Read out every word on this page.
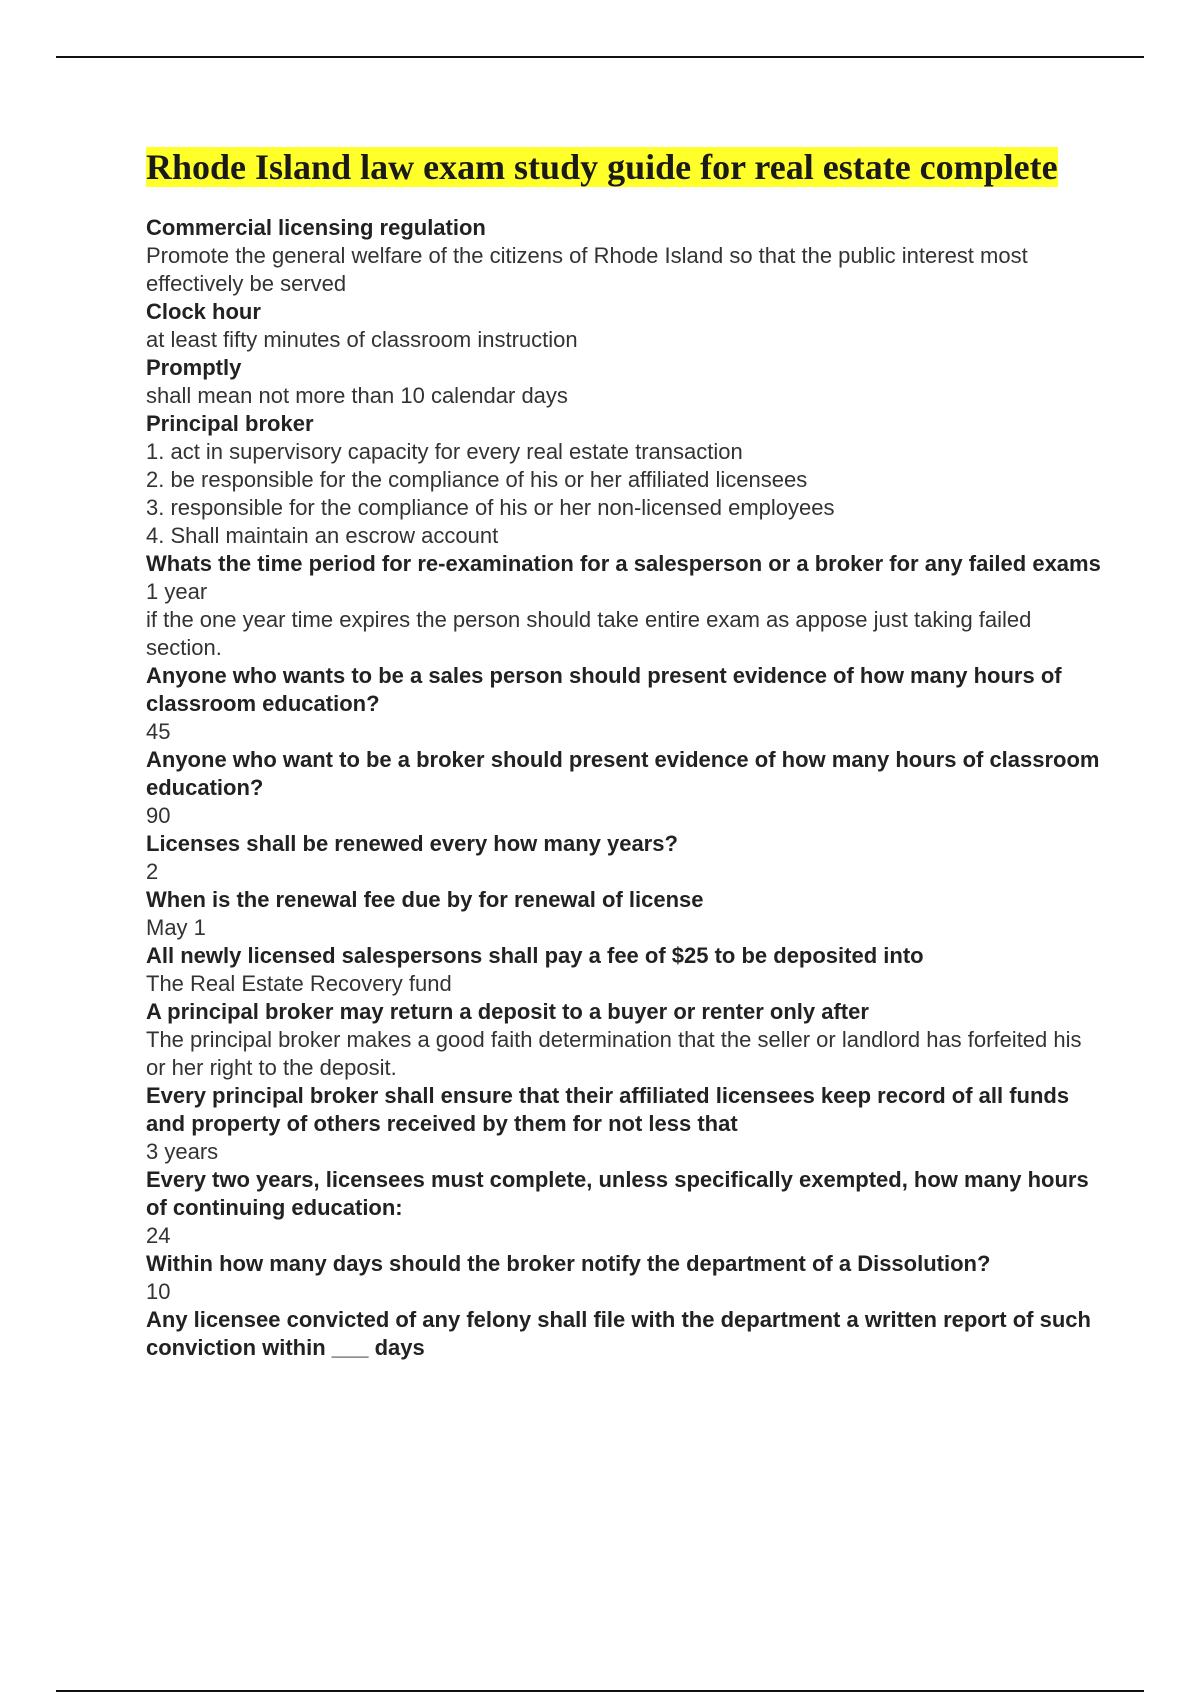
Rhode Island law exam study guide for real estate complete
Commercial licensing regulation
Promote the general welfare of the citizens of Rhode Island so that the public interest most effectively be served
Clock hour
at least fifty minutes of classroom instruction
Promptly
shall mean not more than 10 calendar days
Principal broker
1. act in supervisory capacity for every real estate transaction
2. be responsible for the compliance of his or her affiliated licensees
3. responsible for the compliance of his or her non-licensed employees
4. Shall maintain an escrow account
Whats the time period for re-examination for a salesperson or a broker for any failed exams
1 year
if the one year time expires the person should take entire exam as appose just taking failed section.
Anyone who wants to be a sales person should present evidence of how many hours of classroom education?
45
Anyone who want to be a broker should present evidence of how many hours of classroom education?
90
Licenses shall be renewed every how many years?
2
When is the renewal fee due by for renewal of license
May 1
All newly licensed salespersons shall pay a fee of $25 to be deposited into
The Real Estate Recovery fund
A principal broker may return a deposit to a buyer or renter only after
The principal broker makes a good faith determination that the seller or landlord has forfeited his or her right to the deposit.
Every principal broker shall ensure that their affiliated licensees keep record of all funds and property of others received by them for not less that
3 years
Every two years, licensees must complete, unless specifically exempted, how many hours of continuing education:
24
Within how many days should the broker notify the department of a Dissolution?
10
Any licensee convicted of any felony shall file with the department a written report of such conviction within ___ days
